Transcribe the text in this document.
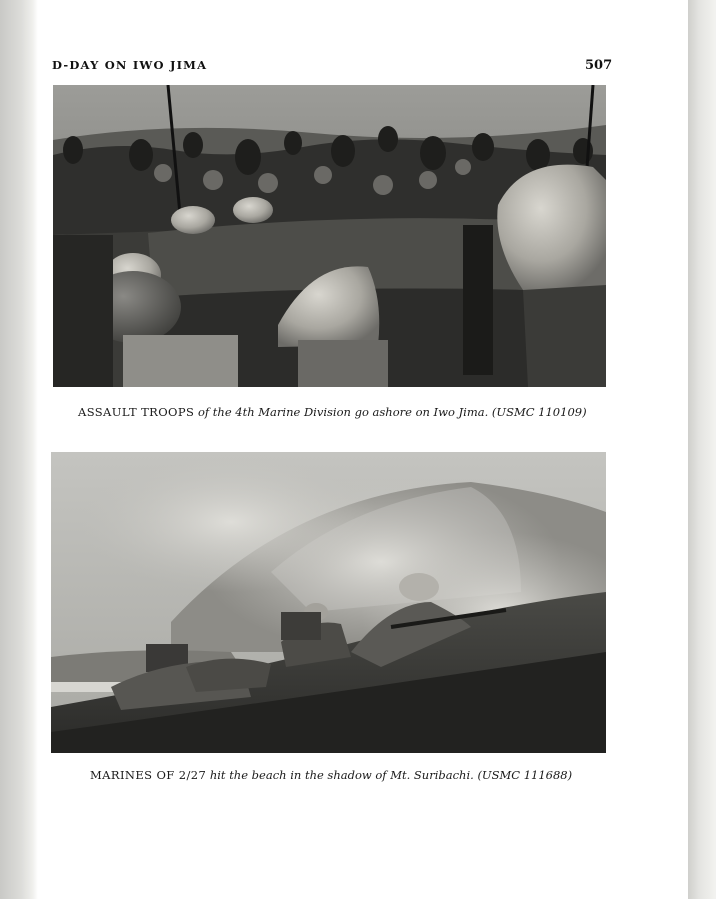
D-DAY ON IWO JIMA	507
ASSAULT TROOPS of the 4th Marine Division go ashore on Iwo Jima. (USMC 110109)
MARINES OF 2/27 hit the beach in the shadow of Mt. Suribachi. (USMC 111688)
